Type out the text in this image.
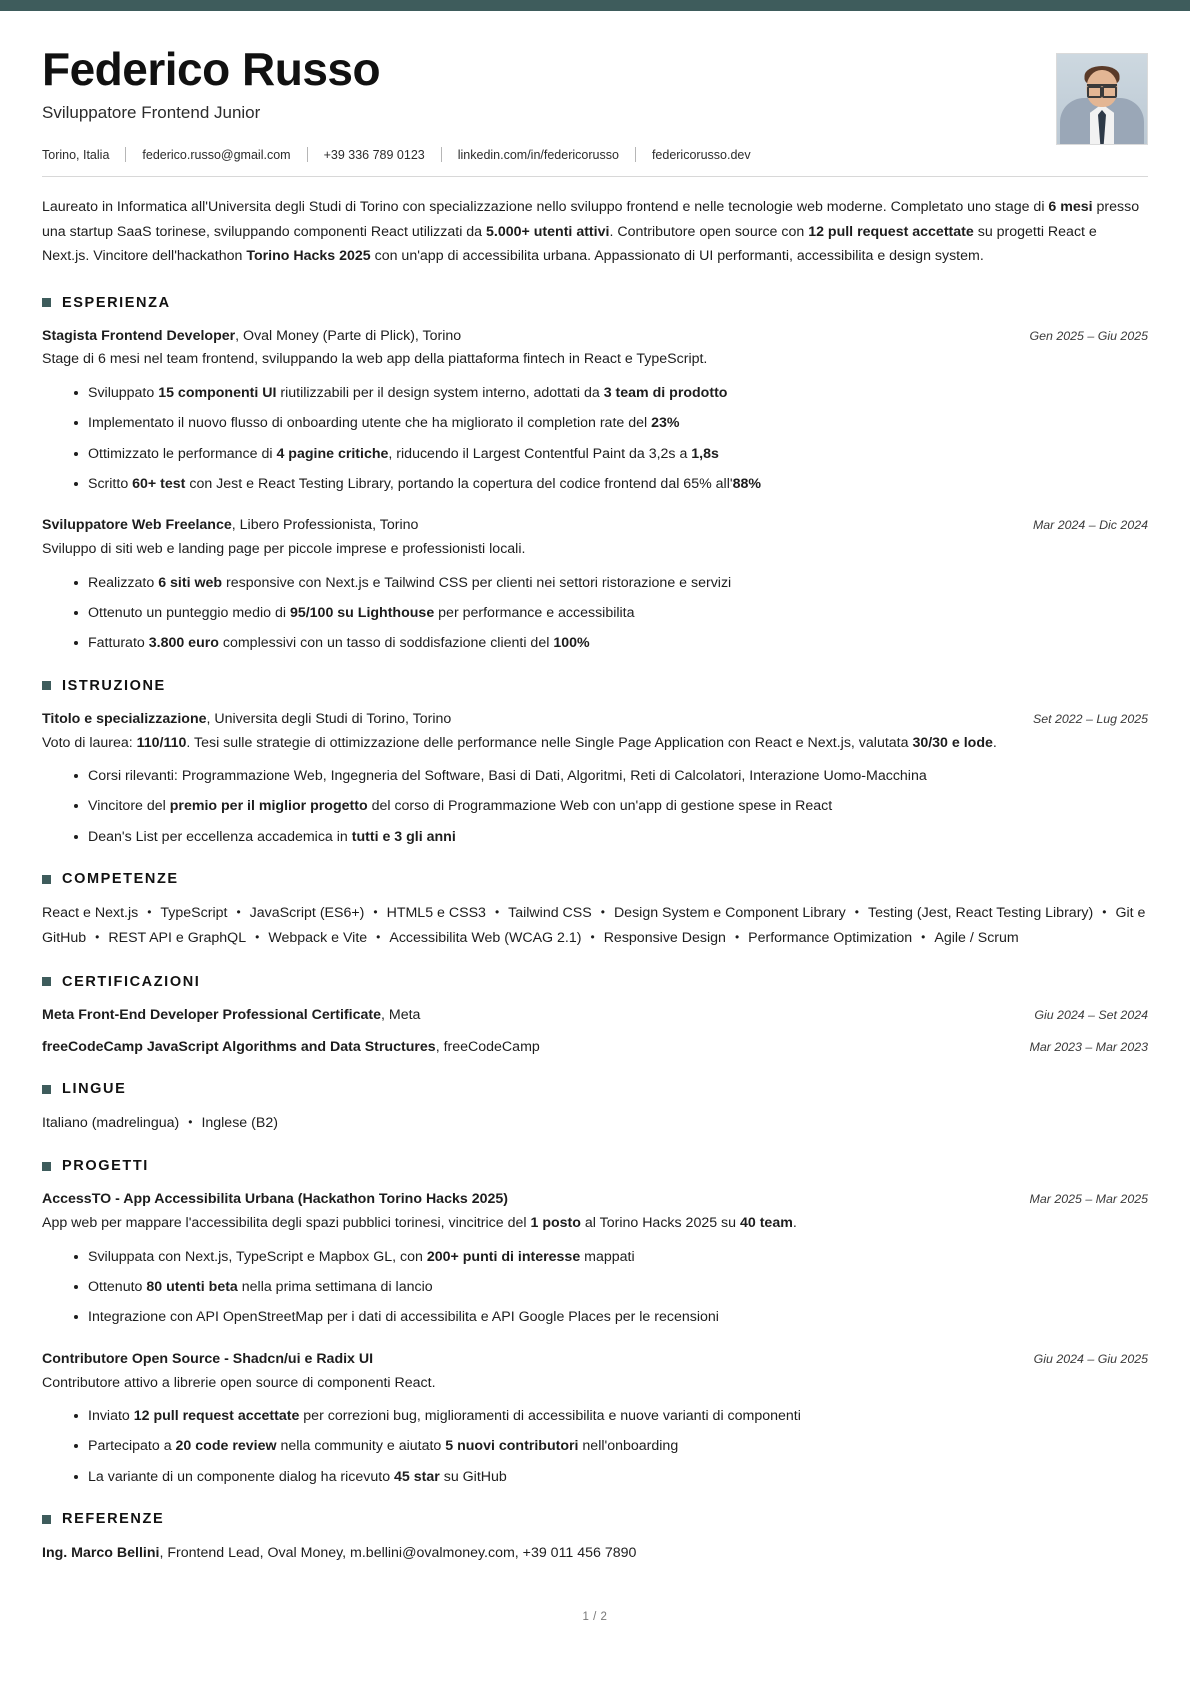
Federico Russo
Sviluppatore Frontend Junior
Torino, Italia	federico.russo@gmail.com	+39 336 789 0123	linkedin.com/in/federicorusso	federicorusso.dev

Laureato in Informatica all'Universita degli Studi di Torino con specializzazione nello sviluppo frontend e nelle tecnologie web moderne. Completato uno stage di 6 mesi presso una startup SaaS torinese, sviluppando componenti React utilizzati da 5.000+ utenti attivi. Contributore open source con 12 pull request accettate su progetti React e Next.js. Vincitore dell'hackathon Torino Hacks 2025 con un'app di accessibilita urbana. Appassionato di UI performanti, accessibilita e design system.

ESPERIENZA
Stagista Frontend Developer, Oval Money (Parte di Plick), Torino	Gen 2025 – Giu 2025

Stage di 6 mesi nel team frontend, sviluppando la web app della piattaforma fintech in React e TypeScript.

Sviluppato 15 componenti UI riutilizzabili per il design system interno, adottati da 3 team di prodotto
Implementato il nuovo flusso di onboarding utente che ha migliorato il completion rate del 23%
Ottimizzato le performance di 4 pagine critiche, riducendo il Largest Contentful Paint da 3,2s a 1,8s
Scritto 60+ test con Jest e React Testing Library, portando la copertura del codice frontend dal 65% all'88%
Sviluppatore Web Freelance, Libero Professionista, Torino	Mar 2024 – Dic 2024

Sviluppo di siti web e landing page per piccole imprese e professionisti locali.

Realizzato 6 siti web responsive con Next.js e Tailwind CSS per clienti nei settori ristorazione e servizi
Ottenuto un punteggio medio di 95/100 su Lighthouse per performance e accessibilita
Fatturato 3.800 euro complessivi con un tasso di soddisfazione clienti del 100%
ISTRUZIONE
Titolo e specializzazione, Universita degli Studi di Torino, Torino	Set 2022 – Lug 2025

Voto di laurea: 110/110. Tesi sulle strategie di ottimizzazione delle performance nelle Single Page Application con React e Next.js, valutata 30/30 e lode.

Corsi rilevanti: Programmazione Web, Ingegneria del Software, Basi di Dati, Algoritmi, Reti di Calcolatori, Interazione Uomo-Macchina
Vincitore del premio per il miglior progetto del corso di Programmazione Web con un'app di gestione spese in React
Dean's List per eccellenza accademica in tutti e 3 gli anni
COMPETENZE

React e Next.js • TypeScript • JavaScript (ES6+) • HTML5 e CSS3 • Tailwind CSS • Design System e Component Library • Testing (Jest, React Testing Library) • Git e GitHub • REST API e GraphQL • Webpack e Vite • Accessibilita Web (WCAG 2.1) • Responsive Design • Performance Optimization • Agile / Scrum

CERTIFICAZIONI
Meta Front-End Developer Professional Certificate, Meta	Giu 2024 – Set 2024
freeCodeCamp JavaScript Algorithms and Data Structures, freeCodeCamp	Mar 2023 – Mar 2023
LINGUE

Italiano (madrelingua) • Inglese (B2)

PROGETTI
AccessTO - App Accessibilita Urbana (Hackathon Torino Hacks 2025)	Mar 2025 – Mar 2025

App web per mappare l'accessibilita degli spazi pubblici torinesi, vincitrice del 1 posto al Torino Hacks 2025 su 40 team.

Sviluppata con Next.js, TypeScript e Mapbox GL, con 200+ punti di interesse mappati
Ottenuto 80 utenti beta nella prima settimana di lancio
Integrazione con API OpenStreetMap per i dati di accessibilita e API Google Places per le recensioni
Contributore Open Source - Shadcn/ui e Radix UI	Giu 2024 – Giu 2025

Contributore attivo a librerie open source di componenti React.

Inviato 12 pull request accettate per correzioni bug, miglioramenti di accessibilita e nuove varianti di componenti
Partecipato a 20 code review nella community e aiutato 5 nuovi contributori nell'onboarding
La variante di un componente dialog ha ricevuto 45 star su GitHub
REFERENZE
Ing. Marco Bellini, Frontend Lead, Oval Money, m.bellini@ovalmoney.com, +39 011 456 7890
1 / 2
